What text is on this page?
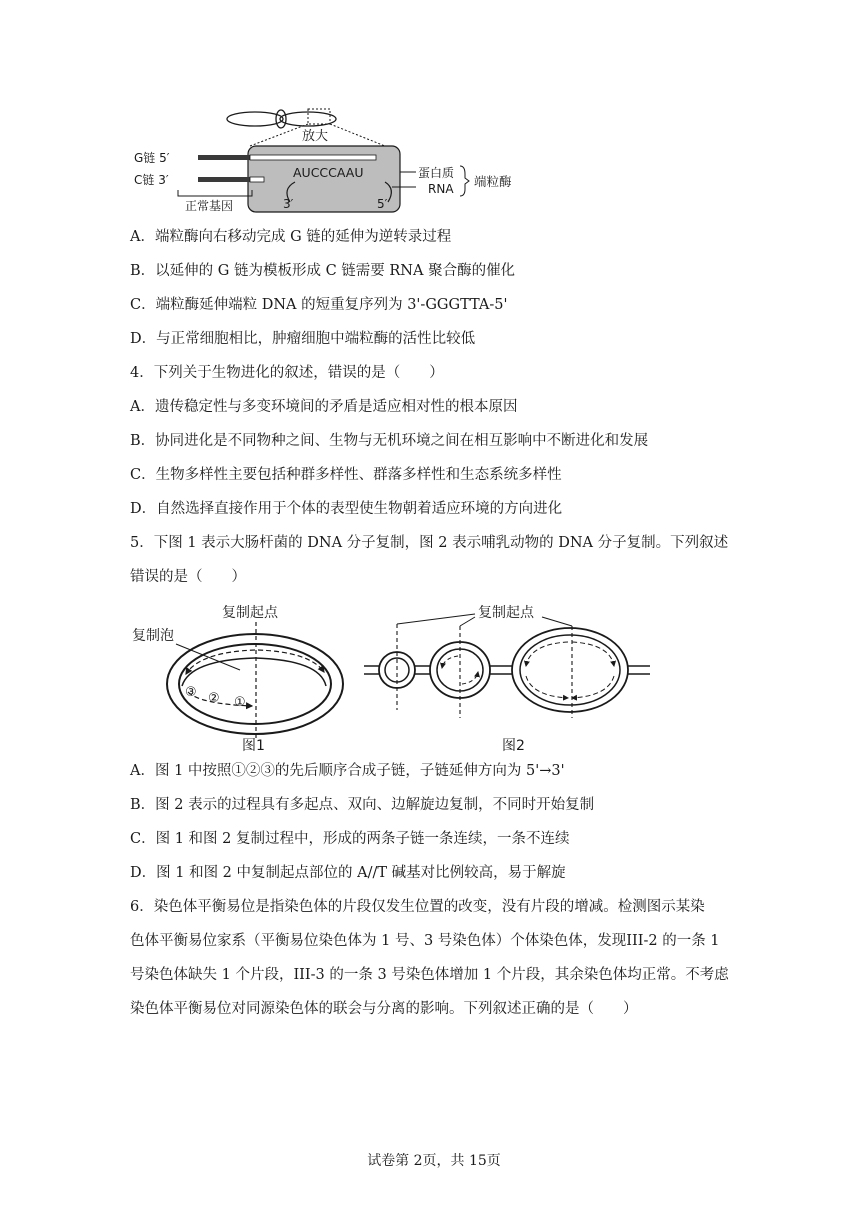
放大
G链 5′
C链 3′
正常基因
AUCCCAAU
3′	5′
蛋白质
RNA 端粒酶
A．端粒酶向右移动完成 G 链的延伸为逆转录过程
B．以延伸的 G 链为模板形成 C 链需要 RNA 聚合酶的催化
C．端粒酶延伸端粒 DNA 的短重复序列为 3'-GGGTTA-5'
D．与正常细胞相比，肿瘤细胞中端粒酶的活性比较低
4．下列关于生物进化的叙述，错误的是（　　）
A．遗传稳定性与多变环境间的矛盾是适应相对性的根本原因
B．协同进化是不同物种之间、生物与无机环境之间在相互影响中不断进化和发展
C．生物多样性主要包括种群多样性、群落多样性和生态系统多样性
D．自然选择直接作用于个体的表型使生物朝着适应环境的方向进化
5．下图 1 表示大肠杆菌的 DNA 分子复制，图 2 表示哺乳动物的 DNA 分子复制。下列叙述
错误的是（　　）
复制起点
复制泡
③ ② ①
图1
复制起点
图2
A．图 1 中按照①②③的先后顺序合成子链，子链延伸方向为 5'→3'
B．图 2 表示的过程具有多起点、双向、边解旋边复制，不同时开始复制
C．图 1 和图 2 复制过程中，形成的两条子链一条连续，一条不连续
D．图 1 和图 2 中复制起点部位的 A//T 碱基对比例较高，易于解旋
6．染色体平衡易位是指染色体的片段仅发生位置的改变，没有片段的增减。检测图示某染
色体平衡易位家系（平衡易位染色体为 1 号、3 号染色体）个体染色体，发现III-2 的一条 1
号染色体缺失 1 个片段，III-3 的一条 3 号染色体增加 1 个片段，其余染色体均正常。不考虑
染色体平衡易位对同源染色体的联会与分离的影响。下列叙述正确的是（　　）
试卷第 2页，共 15页
